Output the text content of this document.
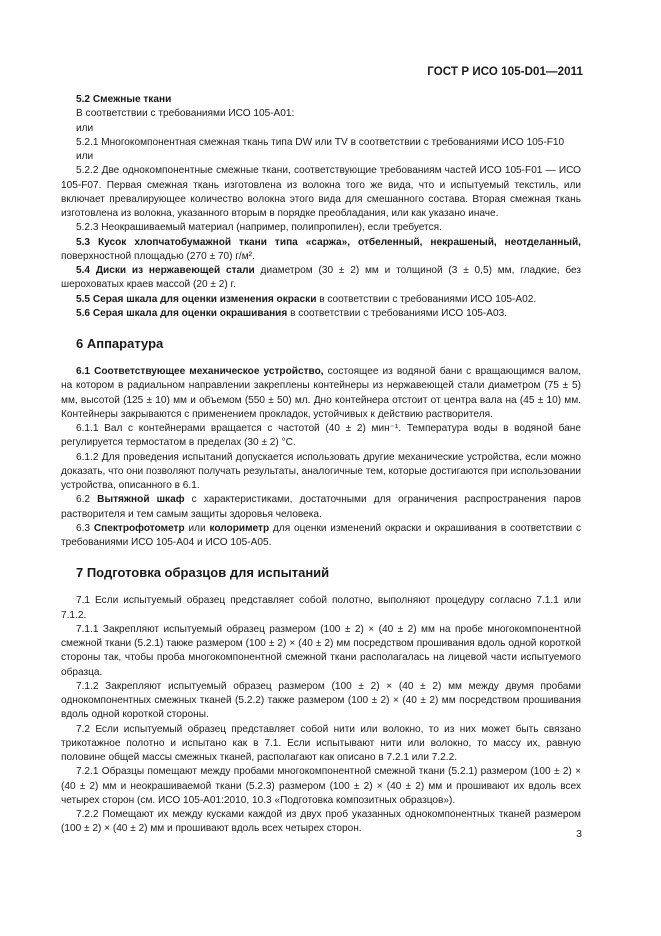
ГОСТ Р ИСО 105-D01—2011

5.2 Смежные ткани

В соответствии с требованиями ИСО 105-А01:

или

5.2.1 Многокомпонентная смежная ткань типа DW или TV в соответствии с требованиями ИСО 105-F10

или

5.2.2 Две однокомпонентные смежные ткани, соответствующие требованиям частей ИСО 105-F01 — ИСО 105-F07. Первая смежная ткань изготовлена из волокна того же вида, что и испытуемый текстиль, или включает превалирующее количество волокна этого вида для смешанного состава. Вторая смежная ткань изготовлена из волокна, указанного вторым в порядке преобладания, или как указано иначе.

5.2.3 Неокрашиваемый материал (например, полипропилен), если требуется.

5.3 Кусок хлопчатобумажной ткани типа «саржа», отбеленный, некрашеный, неотделанный, поверхностной площадью (270 ± 70) г/м².

5.4 Диски из нержавеющей стали диаметром (30 ± 2) мм и толщиной (3 ± 0,5) мм, гладкие, без шероховатых краев массой (20 ± 2) г.

5.5 Серая шкала для оценки изменения окраски в соответствии с требованиями ИСО 105-А02.

5.6 Серая шкала для оценки окрашивания в соответствии с требованиями ИСО 105-А03.

6 Аппаратура

6.1 Соответствующее механическое устройство, состоящее из водяной бани с вращающимся валом, на котором в радиальном направлении закреплены контейнеры из нержавеющей стали диаметром (75 ± 5) мм, высотой (125 ± 10) мм и объемом (550 ± 50) мл. Дно контейнера отстоит от центра вала на (45 ± 10) мм. Контейнеры закрываются с применением прокладок, устойчивых к действию растворителя.

6.1.1 Вал с контейнерами вращается с частотой (40 ± 2) мин⁻¹. Температура воды в водяной бане регулируется термостатом в пределах (30 ± 2) °С.

6.1.2 Для проведения испытаний допускается использовать другие механические устройства, если можно доказать, что они позволяют получать результаты, аналогичные тем, которые достигаются при использовании устройства, описанного в 6.1.

6.2 Вытяжной шкаф с характеристиками, достаточными для ограничения распространения паров растворителя и тем самым защиты здоровья человека.

6.3 Спектрофотометр или колориметр для оценки изменений окраски и окрашивания в соответствии с требованиями ИСО 105-А04 и ИСО 105-А05.

7 Подготовка образцов для испытаний

7.1 Если испытуемый образец представляет собой полотно, выполняют процедуру согласно 7.1.1 или 7.1.2.

7.1.1 Закрепляют испытуемый образец размером (100 ± 2) × (40 ± 2) мм на пробе многокомпонентной смежной ткани (5.2.1) также размером (100 ± 2) × (40 ± 2) мм посредством прошивания вдоль одной короткой стороны так, чтобы проба многокомпонентной смежной ткани располагалась на лицевой части испытуемого образца.

7.1.2 Закрепляют испытуемый образец размером (100 ± 2) × (40 ± 2) мм между двумя пробами однокомпонентных смежных тканей (5.2.2) также размером (100 ± 2) × (40 ± 2) мм посредством прошивания вдоль одной короткой стороны.

7.2 Если испытуемый образец представляет собой нити или волокно, то из них может быть связано трикотажное полотно и испытано как в 7.1. Если испытывают нити или волокно, то массу их, равную половине общей массы смежных тканей, располагают как описано в 7.2.1 или 7.2.2.

7.2.1 Образцы помещают между пробами многокомпонентной смежной ткани (5.2.1) размером (100 ± 2) × (40 ± 2) мм и неокрашиваемой ткани (5.2.3) размером (100 ± 2) × (40 ± 2) мм и прошивают их вдоль всех четырех сторон (см. ИСО 105-А01:2010, 10.3 «Подготовка композитных образцов»).

7.2.2 Помещают их между кусками каждой из двух проб указанных однокомпонентных тканей размером (100 ± 2) × (40 ± 2) мм и прошивают вдоль всех четырех сторон.	3
